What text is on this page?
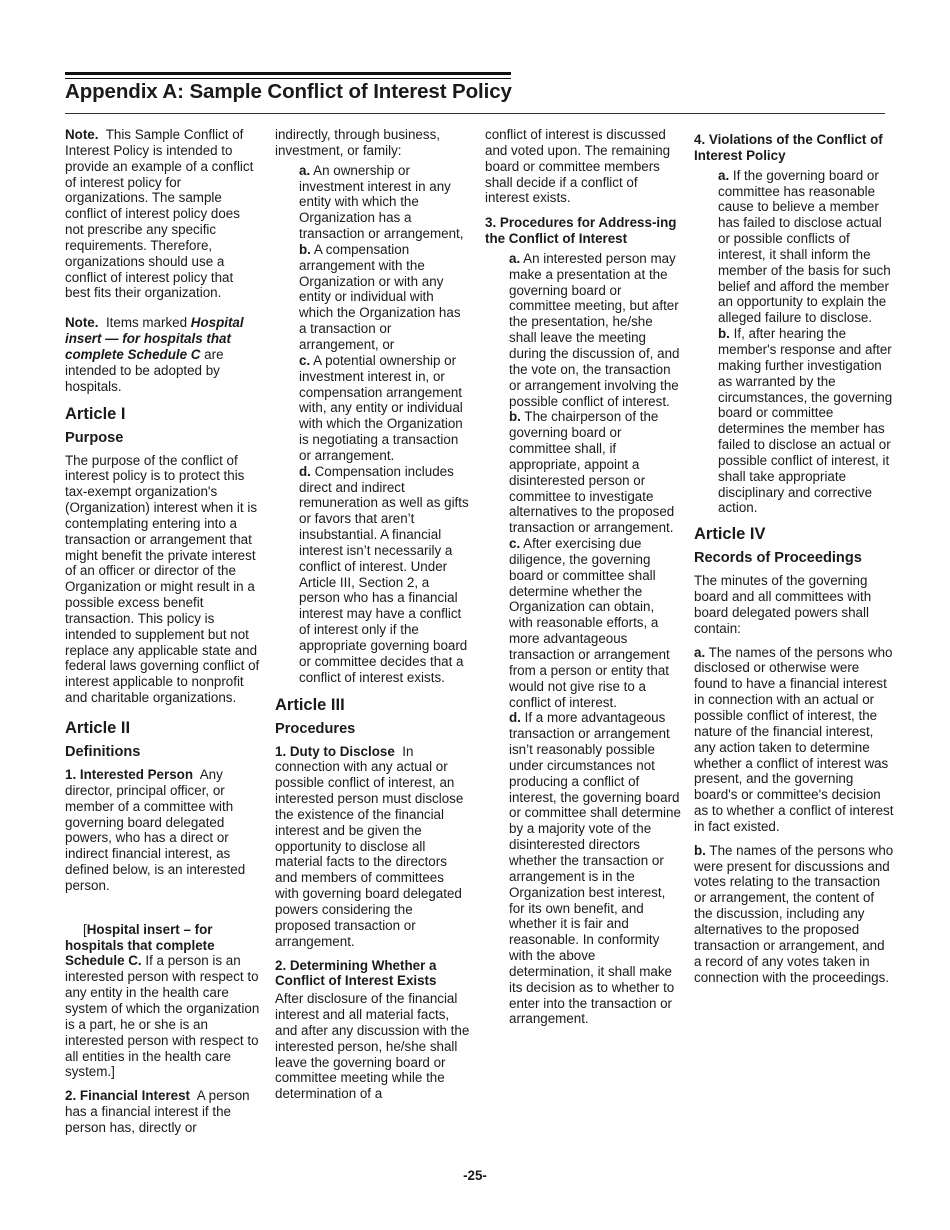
Appendix A: Sample Conflict of Interest Policy

Note. This Sample Conflict of Interest Policy is intended to provide an example of a conflict of interest policy for organizations. The sample conflict of interest policy does not prescribe any specific requirements. Therefore, organizations should use a conflict of interest policy that best fits their organization.

Note. Items marked Hospital insert — for hospitals that complete Schedule C are intended to be adopted by hospitals.

Article I
Purpose

The purpose of the conflict of interest policy is to protect this tax-exempt organization's (Organization) interest when it is contemplating entering into a transaction or arrangement that might benefit the private interest of an officer or director of the Organization or might result in a possible excess benefit transaction. This policy is intended to supplement but not replace any applicable state and federal laws governing conflict of interest applicable to nonprofit and charitable organizations.

Article II
Definitions

1. Interested Person Any director, principal officer, or member of a committee with governing board delegated powers, who has a direct or indirect financial interest, as defined below, is an interested person.

[Hospital insert – for hospitals that complete Schedule C. If a person is an interested person with respect to any entity in the health care system of which the organization is a part, he or she is an interested person with respect to all entities in the health care system.]

2. Financial Interest A person has a financial interest if the person has, directly or

indirectly, through business, investment, or family:

a. An ownership or investment interest in any entity with which the Organization has a transaction or arrangement,

b. A compensation arrangement with the Organization or with any entity or individual with which the Organization has a transaction or arrangement, or

c. A potential ownership or investment interest in, or compensation arrangement with, any entity or individual with which the Organization is negotiating a transaction or arrangement.

d. Compensation includes direct and indirect remuneration as well as gifts or favors that aren’t insubstantial. A financial interest isn’t necessarily a conflict of interest. Under Article III, Section 2, a person who has a financial interest may have a conflict of interest only if the appropriate governing board or committee decides that a conflict of interest exists.

Article III
Procedures

1. Duty to Disclose In connection with any actual or possible conflict of interest, an interested person must disclose the existence of the financial interest and be given the opportunity to disclose all material facts to the directors and members of committees with governing board delegated powers considering the proposed transaction or arrangement.

2. Determining Whether a Conflict of Interest Exists

After disclosure of the financial interest and all material facts, and after any discussion with the interested person, he/she shall leave the governing board or committee meeting while the determination of a

conflict of interest is discussed and voted upon. The remaining board or committee members shall decide if a conflict of interest exists.

3. Procedures for Address-ing the Conflict of Interest

a. An interested person may make a presentation at the governing board or committee meeting, but after the presentation, he/she shall leave the meeting during the discussion of, and the vote on, the transaction or arrangement involving the possible conflict of interest.

b. The chairperson of the governing board or committee shall, if appropriate, appoint a disinterested person or committee to investigate alternatives to the proposed transaction or arrangement.

c. After exercising due diligence, the governing board or committee shall determine whether the Organization can obtain, with reasonable efforts, a more advantageous transaction or arrangement from a person or entity that would not give rise to a conflict of interest.

d. If a more advantageous transaction or arrangement isn’t reasonably possible under circumstances not producing a conflict of interest, the governing board or committee shall determine by a majority vote of the disinterested directors whether the transaction or arrangement is in the Organization best interest, for its own benefit, and whether it is fair and reasonable. In conformity with the above determination, it shall make its decision as to whether to enter into the transaction or arrangement.

4. Violations of the Conflict of Interest Policy

a. If the governing board or committee has reasonable cause to believe a member has failed to disclose actual or possible conflicts of interest, it shall inform the member of the basis for such belief and afford the member an opportunity to explain the alleged failure to disclose.

b. If, after hearing the member's response and after making further investigation as warranted by the circumstances, the governing board or committee determines the member has failed to disclose an actual or possible conflict of interest, it shall take appropriate disciplinary and corrective action.

Article IV
Records of Proceedings

The minutes of the governing board and all committees with board delegated powers shall contain:

a. The names of the persons who disclosed or otherwise were found to have a financial interest in connection with an actual or possible conflict of interest, the nature of the financial interest, any action taken to determine whether a conflict of interest was present, and the governing board's or committee's decision as to whether a conflict of interest in fact existed.

b. The names of the persons who were present for discussions and votes relating to the transaction or arrangement, the content of the discussion, including any alternatives to the proposed transaction or arrangement, and a record of any votes taken in connection with the proceedings.

-25-
